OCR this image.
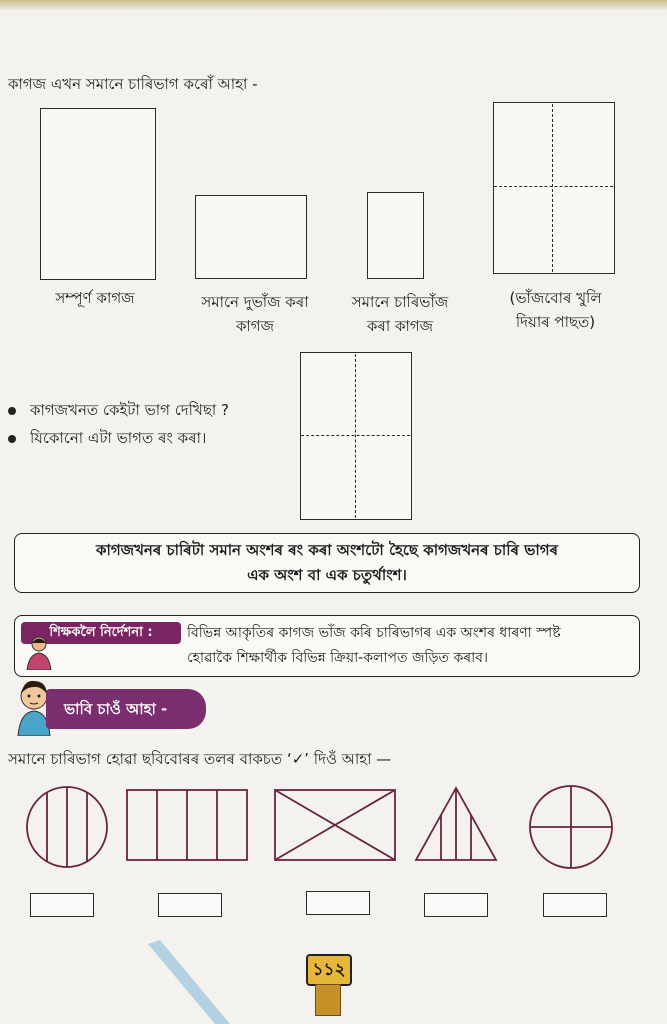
কাগজ এখন সমানে চাৰিভাগ কৰোঁ আহা -
সম্পূৰ্ণ কাগজ	সমানে দুভাঁজ কৰা
কাগজ
সমানে চাৰিভাঁজ
কৰা কাগজ
(ভাঁজবোৰ খুলি
দিয়াৰ পাছত)
কাগজখনত কেইটা ভাগ দেখিছা ?
যিকোনো এটা ভাগত ৰং কৰা।
কাগজখনৰ চাৰিটা সমান অংশৰ ৰং কৰা অংশটো হৈছে কাগজখনৰ চাৰি ভাগৰ
এক অংশ বা এক চতুৰ্থাংশ।
শিক্ষকলৈ নিৰ্দেশনা :	বিভিন্ন আকৃতিৰ কাগজ ভাঁজ কৰি চাৰিভাগৰ এক অংশৰ ধাৰণা স্পষ্ট
হোৱাকৈ শিক্ষাৰ্থীক বিভিন্ন ক্ৰিয়া-কলাপত জড়িত কৰাব।
ভাবি চাওঁ আহা -
সমানে চাৰিভাগ হোৱা ছবিবোৰৰ তলৰ বাকচত ‘✓’ দিওঁ আহা —
১১২
